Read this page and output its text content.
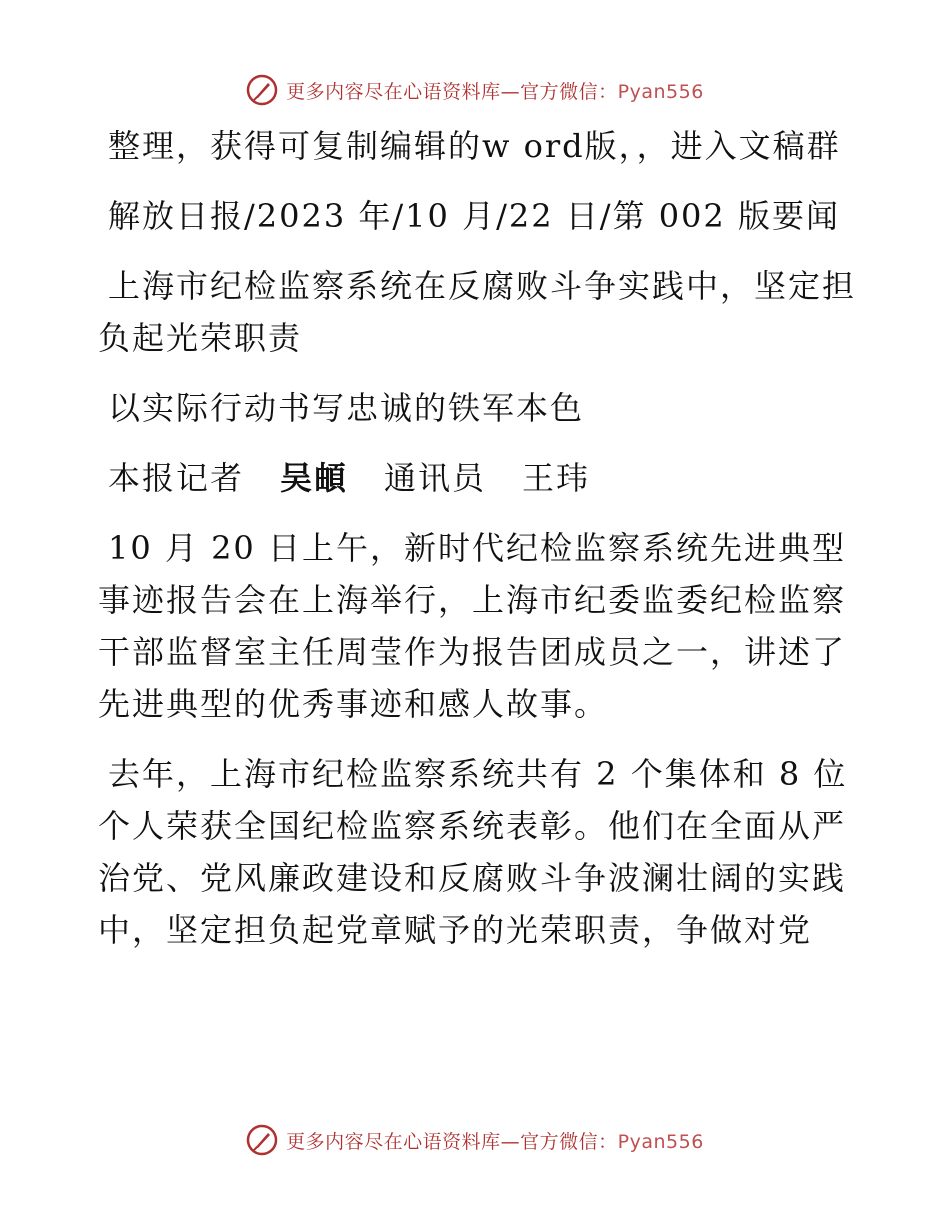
更多内容尽在心语资料库—官方微信：Pyan556

整理，获得可复制编辑的w ord版，，进入文稿群

解放日报/2023 年/10 月/22 日/第 002 版要闻

上海市纪检监察系统在反腐败斗争实践中，坚定担负起光荣职责

以实际行动书写忠诚的铁军本色

本报记者 吴頔 通讯员 王玮

10 月 20 日上午，新时代纪检监察系统先进典型事迹报告会在上海举行，上海市纪委监委纪检监察干部监督室主任周莹作为报告团成员之一，讲述了先进典型的优秀事迹和感人故事。

去年，上海市纪检监察系统共有 2 个集体和 8 位个人荣获全国纪检监察系统表彰。他们在全面从严治党、党风廉政建设和反腐败斗争波澜壮阔的实践中，坚定担负起党章赋予的光荣职责，争做对党

更多内容尽在心语资料库—官方微信：Pyan556
